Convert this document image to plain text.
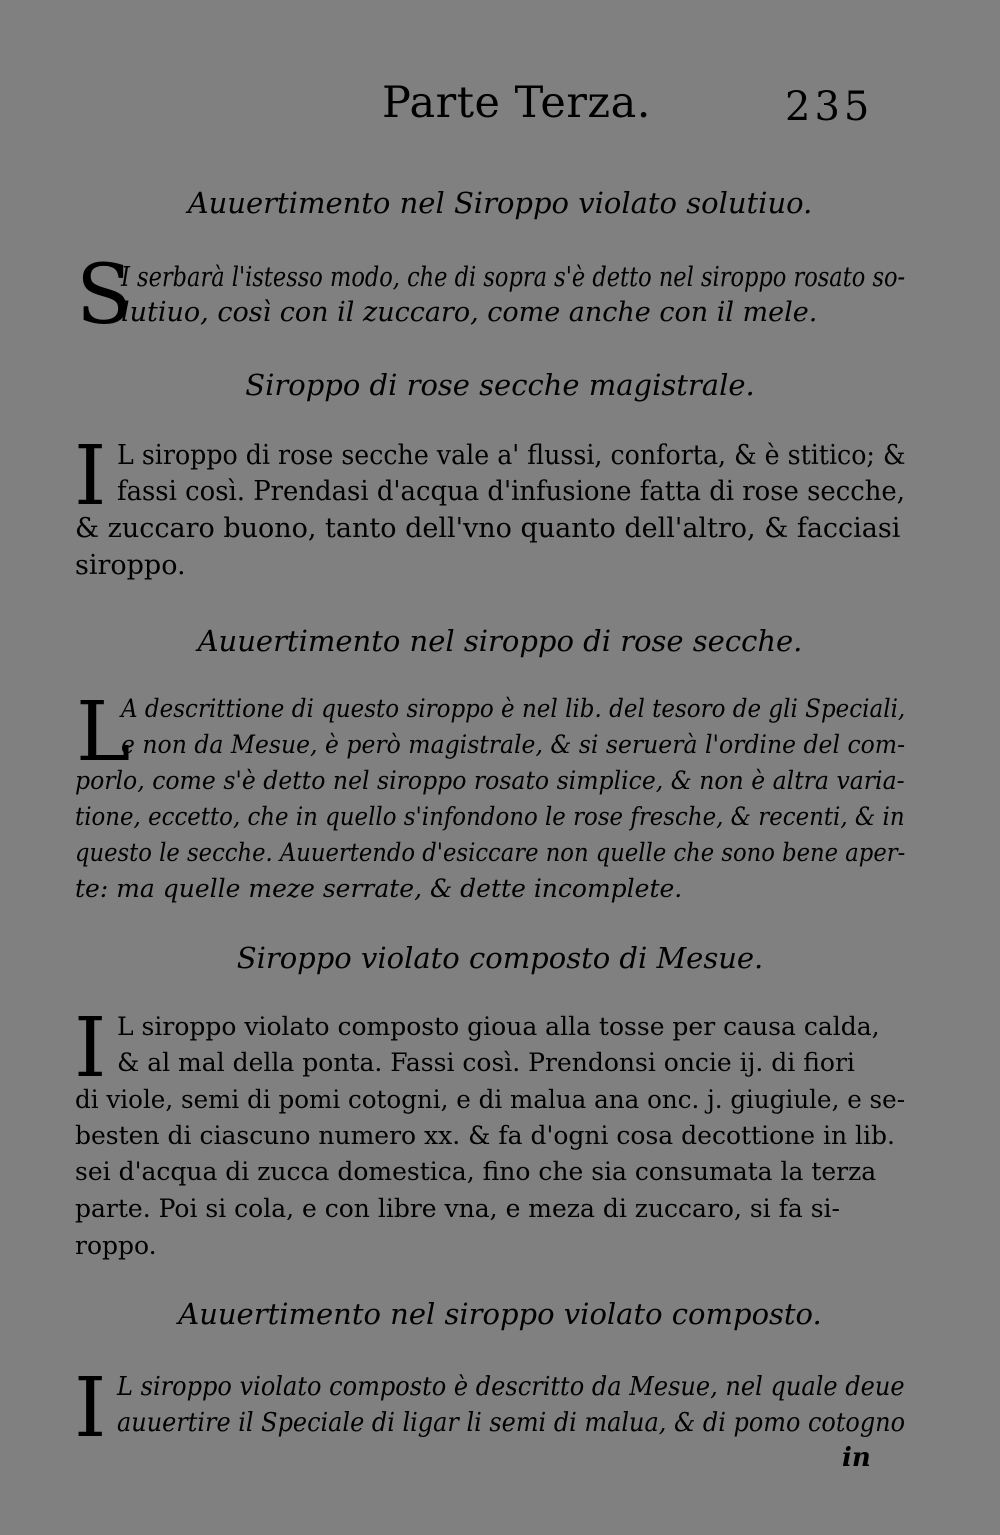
Parte Terza.	235
Auuertimento nel Siroppo violato solutiuo.
S
I serbarà l'istesso modo, che di sopra s'è detto nel siroppo rosato so-
lutiuo, così con il zuccaro, come anche con il mele.
Siroppo di rose secche magistrale.
I L siroppo di rose secche vale a' flussi, conforta, & è stitico; &
fassi così. Prendasi d'acqua d'infusione fatta di rose secche,
& zuccaro buono, tanto dell'vno quanto dell'altro, & facciasi
siroppo.
Auuertimento nel siroppo di rose secche.
L
A descrittione di questo siroppo è nel lib. del tesoro de gli Speciali,
e non da Mesue, è però magistrale, & si seruerà l'ordine del com-
porlo, come s'è detto nel siroppo rosato simplice, & non è altra varia-
tione, eccetto, che in quello s'infondono le rose fresche, & recenti, & in
questo le secche. Auuertendo d'esiccare non quelle che sono bene aper-
te: ma quelle meze serrate, & dette incomplete.
Siroppo violato composto di Mesue.
I L siroppo violato composto gioua alla tosse per causa calda,
& al mal della ponta. Fassi così. Prendonsi oncie ij. di fiori
di viole, semi di pomi cotogni, e di malua ana onc. j. giugiule, e se-
besten di ciascuno numero xx. & fa d'ogni cosa decottione in lib.
sei d'acqua di zucca domestica, fino che sia consumata la terza
parte. Poi si cola, e con libre vna, e meza di zuccaro, si fa si-
roppo.
Auuertimento nel siroppo violato composto.
I L siroppo violato composto è descritto da Mesue, nel quale deue
auuertire il Speciale di ligar li semi di malua, & di pomo cotogno
in
